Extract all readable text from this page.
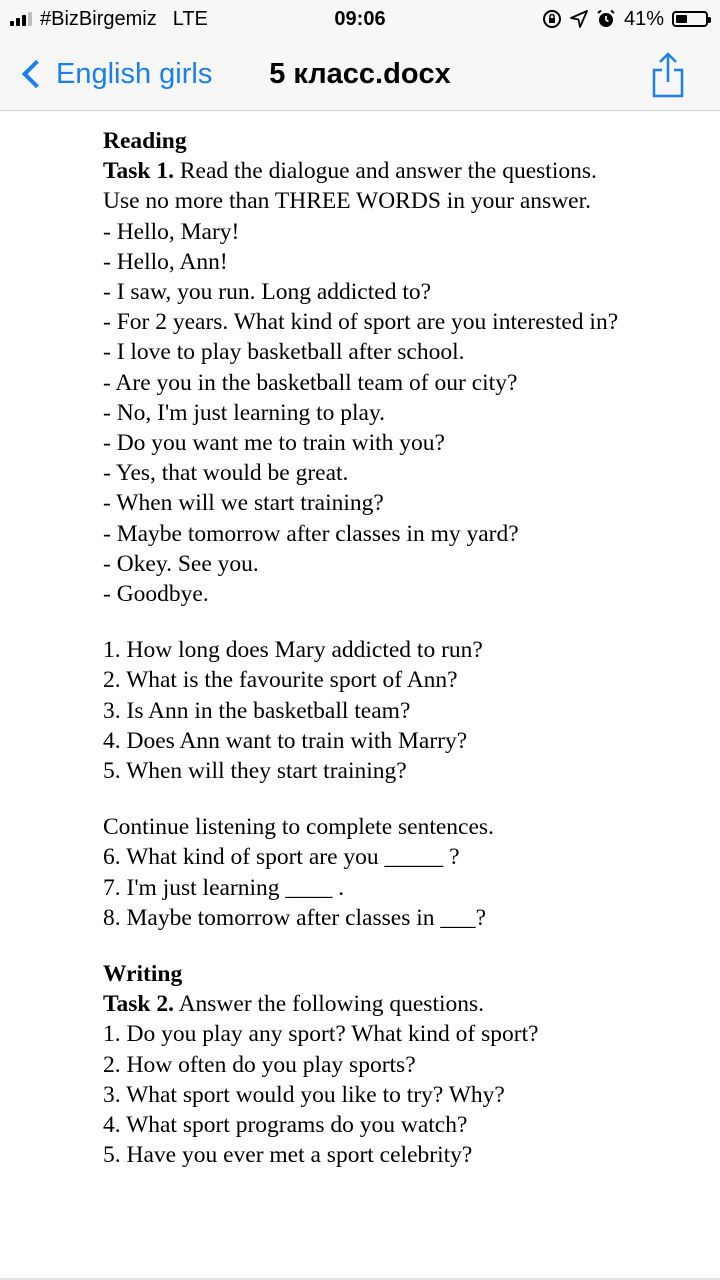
#BizBirgemiz LTE	09:06	41%
English girls	5 класс.docx
Reading
Task 1. Read the dialogue and answer the questions.
Use no more than THREE WORDS in your answer.
- Hello, Mary!
- Hello, Ann!
- I saw, you run. Long addicted to?
- For 2 years. What kind of sport are you interested in?
- I love to play basketball after school.
- Are you in the basketball team of our city?
- No, I'm just learning to play.
- Do you want me to train with you?
- Yes, that would be great.
- When will we start training?
- Maybe tomorrow after classes in my yard?
- Okey. See you.
- Goodbye.
1. How long does Mary addicted to run?
2. What is the favourite sport of Ann?
3. Is Ann in the basketball team?
4. Does Ann want to train with Marry?
5. When will they start training?
Continue listening to complete sentences.
6. What kind of sport are you _____ ?
7. I'm just learning ____ .
8. Maybe tomorrow after classes in ___?
Writing
Task 2. Answer the following questions.
1. Do you play any sport? What kind of sport?
2. How often do you play sports?
3. What sport would you like to try? Why?
4. What sport programs do you watch?
5. Have you ever met a sport celebrity?
